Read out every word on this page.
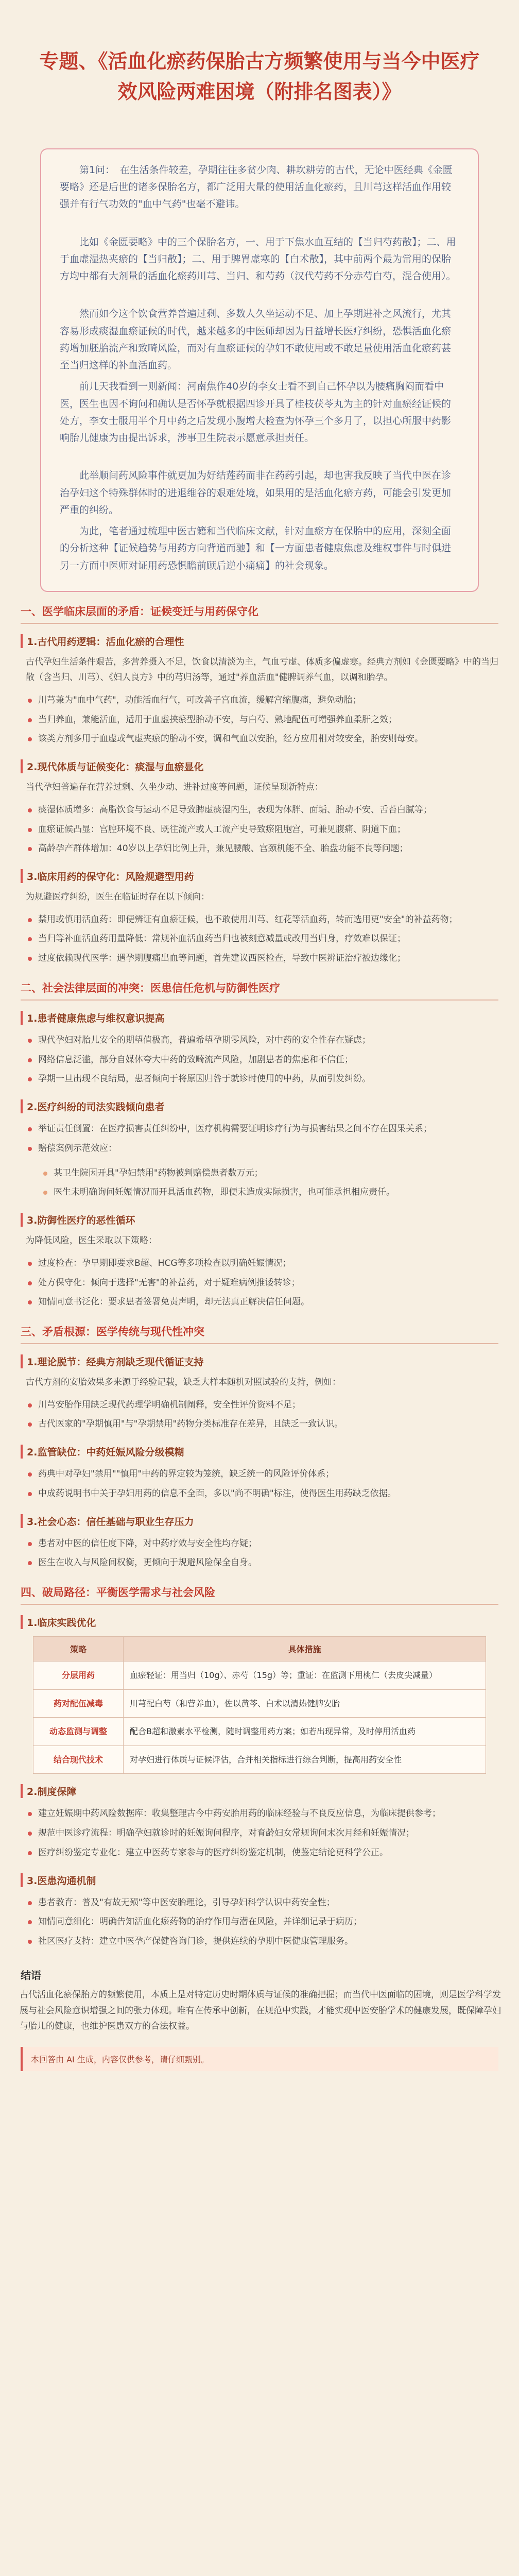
专题、《活血化瘀药保胎古方频繁使用与当今中医疗效风险两难困境（附排名图表）》

第1问：　在生活条件较差，孕期往往多贫少肉、耕坎耕劳的古代，无论中医经典《金匮要略》还是后世的诸多保胎名方，都广泛用大量的使用活血化瘀药，且川芎这样活血作用较强并有行气功效的"血中气药"也毫不避讳。

比如《金匮要略》中的三个保胎名方，一、用于下焦水血互结的【当归芍药散】；二、用于血虚湿热夹瘀的【当归散】；二、用于脾胃虚寒的【白术散】，其中前两个最为常用的保胎方均中都有大剂量的活血化瘀药川芎、当归、和芍药（汉代芍药不分赤芍白芍，混合使用）。

然而如今这个饮食营养普遍过剩、多数人久坐运动不足、加上孕期进补之风流行，尤其容易形成痰湿血瘀证候的时代，越来越多的中医师却因为日益增长医疗纠纷，恐惧活血化瘀药增加胚胎流产和致畸风险，而对有血瘀证候的孕妇不敢使用或不敢足量使用活血化瘀药甚至当归这样的补血活血药。

前几天我看到一则新闻：河南焦作40岁的李女士看不到自己怀孕以为腰痛胸闷而看中医，医生也因不询问和确认是否怀孕就根据四诊开具了桂枝茯苓丸为主的针对血瘀经证候的处方，李女士服用半个月中药之后发现小腹增大检查为怀孕三个多月了，以担心所服中药影响胎儿健康为由提出诉求，涉事卫生院表示愿意承担责任。

此举顺间药风险事件就更加为好结莲药而非在药药引起，却也害我反映了当代中医在诊治孕妇这个特殊群体时的进退维谷的艰难处境，如果用的是活血化瘀方药，可能会引发更加严重的纠纷。

为此，笔者通过梳理中医古籍和当代临床文献，针对血瘀方在保胎中的应用，深刻全面的分析这种【证候趋势与用药方向背道而驰】和【一方面患者健康焦虑及维权事件与时俱进另一方面中医师对证用药恐惧瞻前顾后逆小痛痛】的社会现象。

一、医学临床层面的矛盾：证候变迁与用药保守化
1.古代用药逻辑：活血化瘀的合理性
古代孕妇生活条件艰苦，多营养摄入不足，饮食以清淡为主，气血亏虚、体质多偏虚寒。经典方剂如《金匮要略》中的当归散（含当归、川芎）、《妇人良方》中的芎归汤等，通过"养血活血"健脾调养气血，以调和胎孕。
川芎兼为"血中气药"，功能活血行气，可改善子宫血流，缓解宫缩腹痛，避免动胎；
当归养血，兼能活血，适用于血虚挟瘀型胎动不安，与白芍、熟地配伍可增强养血柔肝之效；
该类方剂多用于血虚或气虚夹瘀的胎动不安，调和气血以安胎，经方应用相对较安全，胎安则母安。
2.现代体质与证候变化：痰湿与血瘀显化
当代孕妇普遍存在营养过剩、久坐少动、进补过度等问题，证候呈现新特点：
痰湿体质增多：高脂饮食与运动不足导致脾虚痰湿内生，表现为体胖、面垢、胎动不安、舌苔白腻等；
血瘀证候凸显：宫腔环境不良、既往流产或人工流产史导致瘀阻胞宫，可兼见腹痛、阴道下血；
高龄孕产群体增加：40岁以上孕妇比例上升，兼见腰酸、宫颈机能不全、胎盘功能不良等问题；
3.临床用药的保守化：风险规避型用药
为规避医疗纠纷，医生在临证时存在以下倾向：
禁用或慎用活血药：即便辨证有血瘀证候，也不敢使用川芎、红花等活血药，转而选用更"安全"的补益药物；
当归等补血活血药用量降低：常规补血活血药当归也被刻意减量或改用当归身，疗效难以保证；
过度依赖现代医学：遇孕期腹痛出血等问题，首先建议西医检查，导致中医辨证治疗被边缘化；
二、社会法律层面的冲突：医患信任危机与防御性医疗
1.患者健康焦虑与维权意识提高
现代孕妇对胎儿安全的期望值极高，普遍希望孕期零风险，对中药的安全性存在疑虑；
网络信息泛滥，部分自媒体夸大中药的致畸流产风险，加剧患者的焦虑和不信任；
孕期一旦出现不良结局，患者倾向于将原因归咎于就诊时使用的中药，从而引发纠纷。
2.医疗纠纷的司法实践倾向患者
举证责任倒置：在医疗损害责任纠纷中，医疗机构需要证明诊疗行为与损害结果之间不存在因果关系；
赔偿案例示范效应：
某卫生院因开具"孕妇禁用"药物被判赔偿患者数万元；
医生未明确询问妊娠情况而开具活血药物，即便未造成实际损害，也可能承担相应责任。
3.防御性医疗的恶性循环
为降低风险，医生采取以下策略：
过度检查：孕早期即要求B超、HCG等多项检查以明确妊娠情况；
处方保守化：倾向于选择"无害"的补益药，对于疑难病例推诿转诊；
知情同意书泛化：要求患者签署免责声明，却无法真正解决信任问题。
三、矛盾根源：医学传统与现代性冲突
1.理论脱节：经典方剂缺乏现代循证支持
古代方剂的安胎效果多来源于经验记载，缺乏大样本随机对照试验的支持，例如：
川芎安胎作用缺乏现代药理学明确机制阐释，安全性评价资料不足；
古代医家的"孕期慎用"与"孕期禁用"药物分类标准存在差异，且缺乏一致认识。
2.监管缺位：中药妊娠风险分级模糊
药典中对孕妇"禁用""慎用"中药的界定较为笼统，缺乏统一的风险评价体系；
中成药说明书中关于孕妇用药的信息不全面，多以"尚不明确"标注，使得医生用药缺乏依据。
3.社会心态：信任基础与职业生存压力
患者对中医的信任度下降，对中药疗效与安全性均存疑；
医生在收入与风险间权衡，更倾向于规避风险保全自身。
四、破局路径：平衡医学需求与社会风险
1.临床实践优化
策略	具体措施
分层用药	血瘀轻证：用当归（10g）、赤芍（15g）等；重证：在监测下用桃仁（去皮尖减量）
药对配伍减毒	川芎配白芍（和营养血），佐以黄芩、白术以清热健脾安胎
动态监测与调整	配合B超和激素水平检测，随时调整用药方案；如若出现异常，及时停用活血药
结合现代技术	对孕妇进行体质与证候评估，合并相关指标进行综合判断，提高用药安全性
2.制度保障
建立妊娠期中药风险数据库：收集整理古今中药安胎用药的临床经验与不良反应信息，为临床提供参考；
规范中医诊疗流程：明确孕妇就诊时的妊娠询问程序，对育龄妇女常规询问末次月经和妊娠情况；
医疗纠纷鉴定专业化：建立中医药专家参与的医疗纠纷鉴定机制，使鉴定结论更科学公正。
3.医患沟通机制
患者教育：普及"有故无殒"等中医安胎理论，引导孕妇科学认识中药安全性；
知情同意细化：明确告知活血化瘀药物的治疗作用与潜在风险，并详细记录于病历；
社区医疗支持：建立中医孕产保健咨询门诊，提供连续的孕期中医健康管理服务。
结语
古代活血化瘀保胎方的频繁使用，本质上是对特定历史时期体质与证候的准确把握；而当代中医面临的困境，则是医学科学发展与社会风险意识增强之间的张力体现。唯有在传承中创新，在规范中实践，才能实现中医安胎学术的健康发展，既保障孕妇与胎儿的健康，也维护医患双方的合法权益。
本回答由 AI 生成，内容仅供参考，请仔细甄别。
